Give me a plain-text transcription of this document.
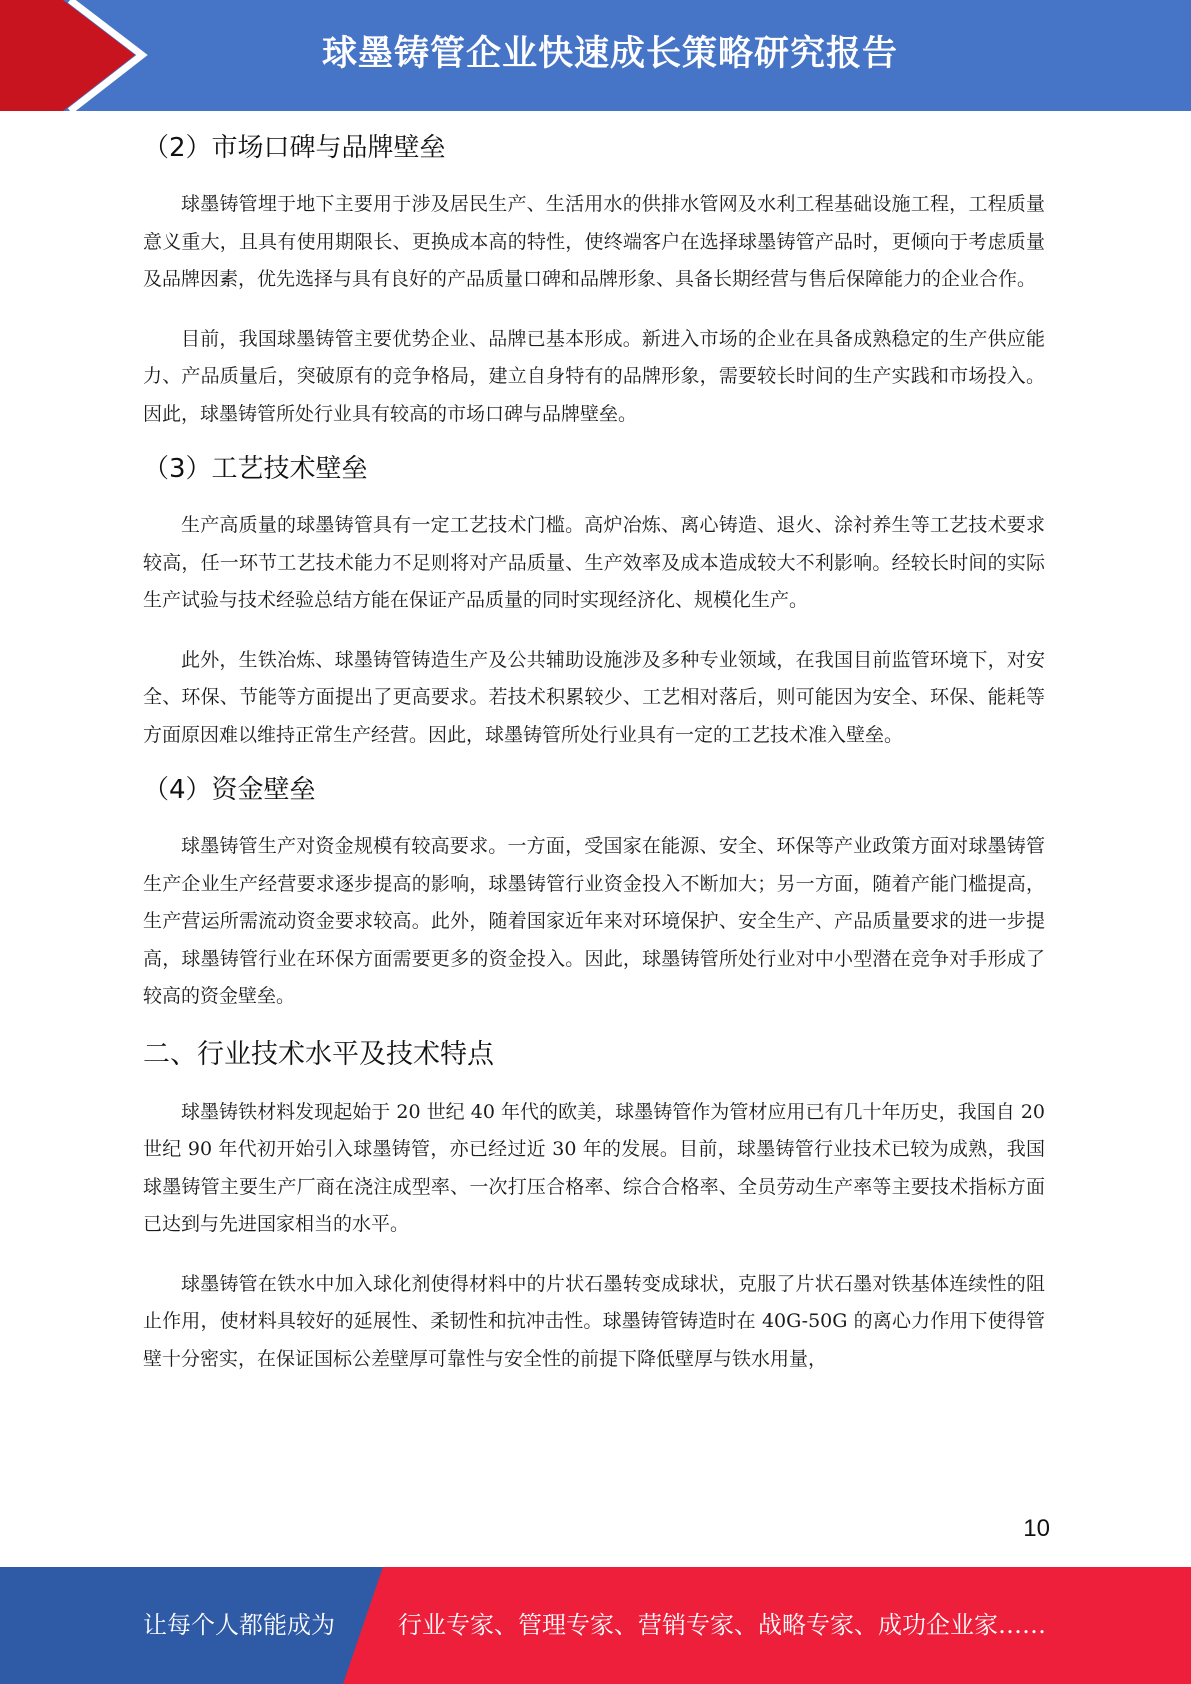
球墨铸管企业快速成长策略研究报告
（2）市场口碑与品牌壁垒

球墨铸管埋于地下主要用于涉及居民生产、生活用水的供排水管网及水利工程基础设施工程，工程质量意义重大，且具有使用期限长、更换成本高的特性，使终端客户在选择球墨铸管产品时，更倾向于考虑质量及品牌因素，优先选择与具有良好的产品质量口碑和品牌形象、具备长期经营与售后保障能力的企业合作。

目前，我国球墨铸管主要优势企业、品牌已基本形成。新进入市场的企业在具备成熟稳定的生产供应能力、产品质量后，突破原有的竞争格局，建立自身特有的品牌形象，需要较长时间的生产实践和市场投入。因此，球墨铸管所处行业具有较高的市场口碑与品牌壁垒。

（3）工艺技术壁垒

生产高质量的球墨铸管具有一定工艺技术门槛。高炉冶炼、离心铸造、退火、涂衬养生等工艺技术要求较高，任一环节工艺技术能力不足则将对产品质量、生产效率及成本造成较大不利影响。经较长时间的实际生产试验与技术经验总结方能在保证产品质量的同时实现经济化、规模化生产。

此外，生铁冶炼、球墨铸管铸造生产及公共辅助设施涉及多种专业领域，在我国目前监管环境下，对安全、环保、节能等方面提出了更高要求。若技术积累较少、工艺相对落后，则可能因为安全、环保、能耗等方面原因难以维持正常生产经营。因此，球墨铸管所处行业具有一定的工艺技术准入壁垒。

（4）资金壁垒

球墨铸管生产对资金规模有较高要求。一方面，受国家在能源、安全、环保等产业政策方面对球墨铸管生产企业生产经营要求逐步提高的影响，球墨铸管行业资金投入不断加大；另一方面，随着产能门槛提高，生产营运所需流动资金要求较高。此外，随着国家近年来对环境保护、安全生产、产品质量要求的进一步提高，球墨铸管行业在环保方面需要更多的资金投入。因此，球墨铸管所处行业对中小型潜在竞争对手形成了较高的资金壁垒。

二、行业技术水平及技术特点

球墨铸铁材料发现起始于 20 世纪 40 年代的欧美，球墨铸管作为管材应用已有几十年历史，我国自 20 世纪 90 年代初开始引入球墨铸管，亦已经过近 30 年的发展。目前，球墨铸管行业技术已较为成熟，我国球墨铸管主要生产厂商在浇注成型率、一次打压合格率、综合合格率、全员劳动生产率等主要技术指标方面已达到与先进国家相当的水平。

球墨铸管在铁水中加入球化剂使得材料中的片状石墨转变成球状，克服了片状石墨对铁基体连续性的阻止作用，使材料具较好的延展性、柔韧性和抗冲击性。球墨铸管铸造时在 40G-50G 的离心力作用下使得管壁十分密实，在保证国标公差壁厚可靠性与安全性的前提下降低壁厚与铁水用量，

10
让每个人都能成为	行业专家、管理专家、营销专家、战略专家、成功企业家……
